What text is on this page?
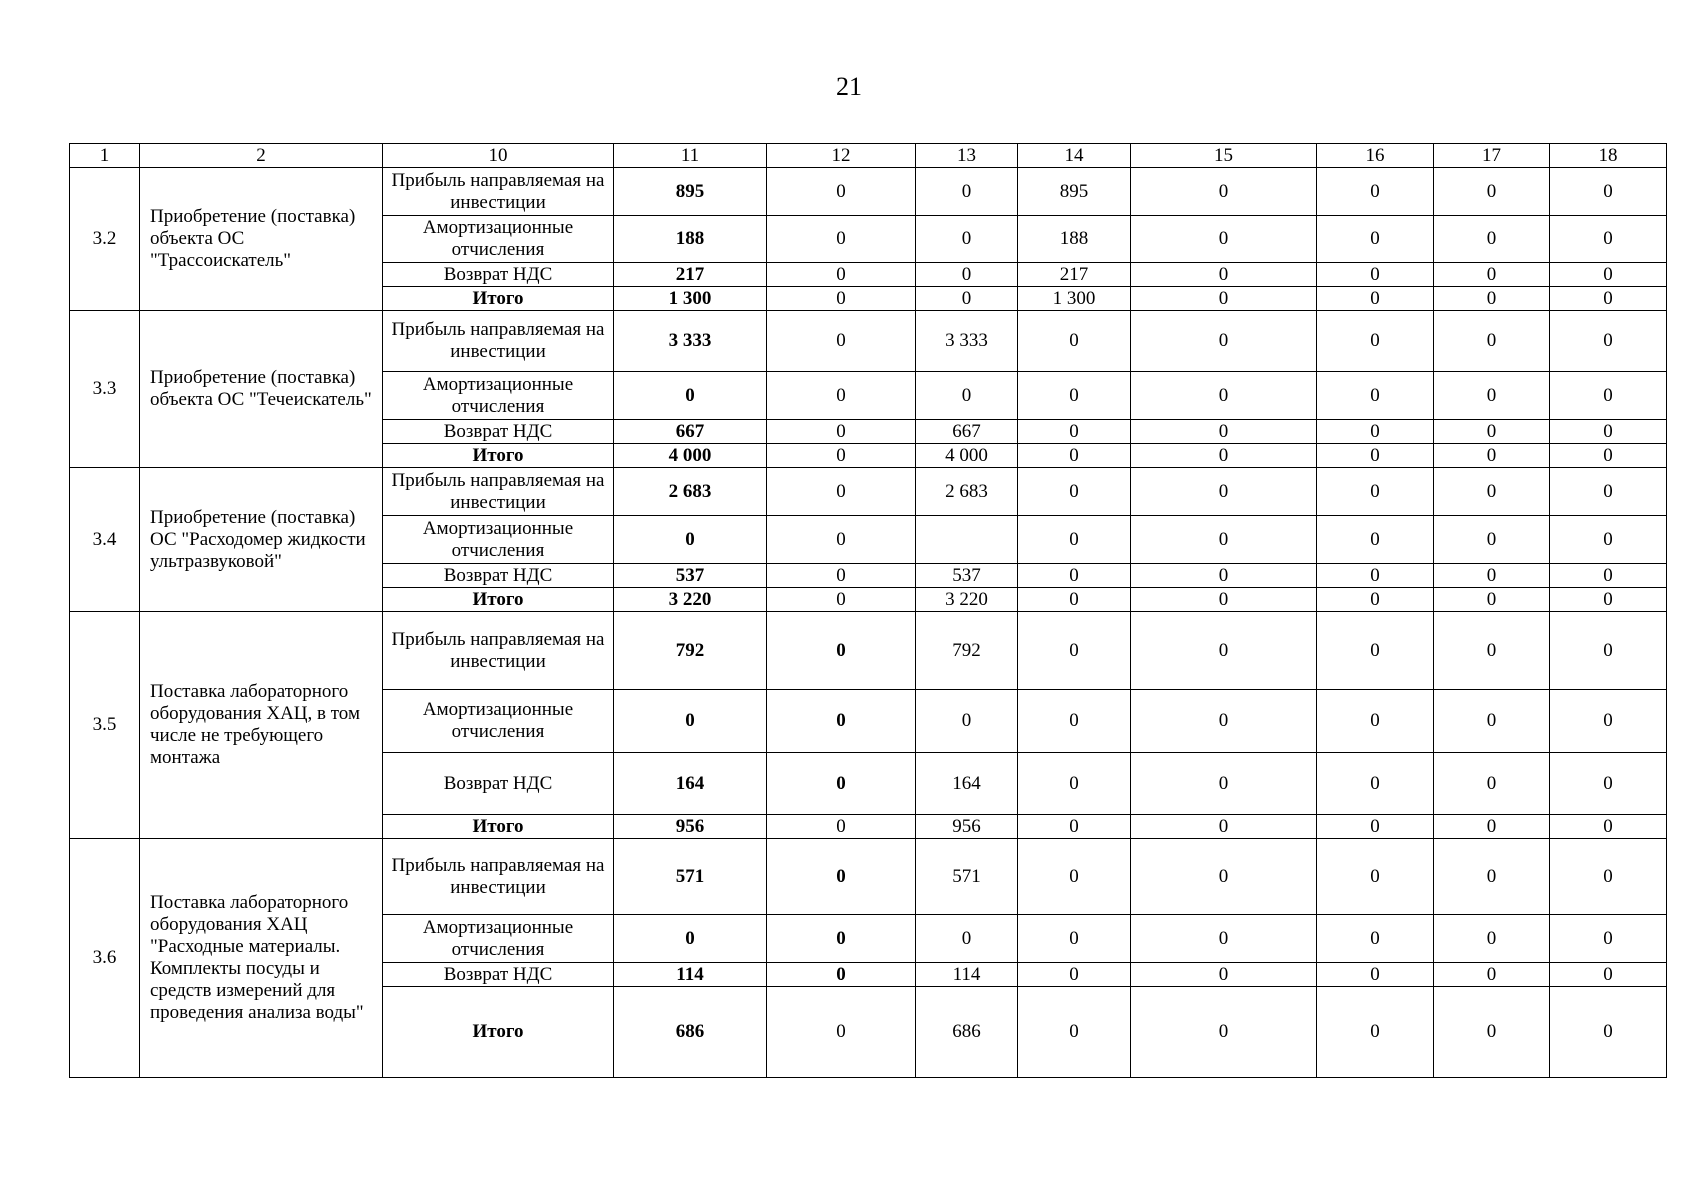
21
1	2	10	11	12	13	14	15	16	17	18
3.2	Приобретение (поставка) объекта ОС "Трассоискатель"	Прибыль направляемая на инвестиции	895	0	0	895	0	0	0	0
		Амортизационные отчисления	188	0	0	188	0	0	0	0
		Возврат НДС	217	0	0	217	0	0	0	0
		Итого	1 300	0	0	1 300	0	0	0	0
3.3	Приобретение (поставка) объекта ОС "Течеискатель"	Прибыль направляемая на инвестиции	3 333	0	3 333	0	0	0	0	0
		Амортизационные отчисления	0	0	0	0	0	0	0	0
		Возврат НДС	667	0	667	0	0	0	0	0
		Итого	4 000	0	4 000	0	0	0	0	0
3.4	Приобретение (поставка) ОС "Расходомер жидкости ультразвуковой"	Прибыль направляемая на инвестиции	2 683	0	2 683	0	0	0	0	0
		Амортизационные отчисления	0	0		0	0	0	0	0
		Возврат НДС	537	0	537	0	0	0	0	0
		Итого	3 220	0	3 220	0	0	0	0	0
3.5	Поставка лабораторного оборудования ХАЦ, в том числе не требующего монтажа	Прибыль направляемая на инвестиции	792	0	792	0	0	0	0	0
		Амортизационные отчисления	0	0	0	0	0	0	0	0
		Возврат НДС	164	0	164	0	0	0	0	0
		Итого	956	0	956	0	0	0	0	0
3.6	Поставка лабораторного оборудования ХАЦ "Расходные материалы. Комплекты посуды и средств измерений для проведения анализа воды"	Прибыль направляемая на инвестиции	571	0	571	0	0	0	0	0
		Амортизационные отчисления	0	0	0	0	0	0	0	0
		Возврат НДС	114	0	114	0	0	0	0	0
		Итого	686	0	686	0	0	0	0	0
